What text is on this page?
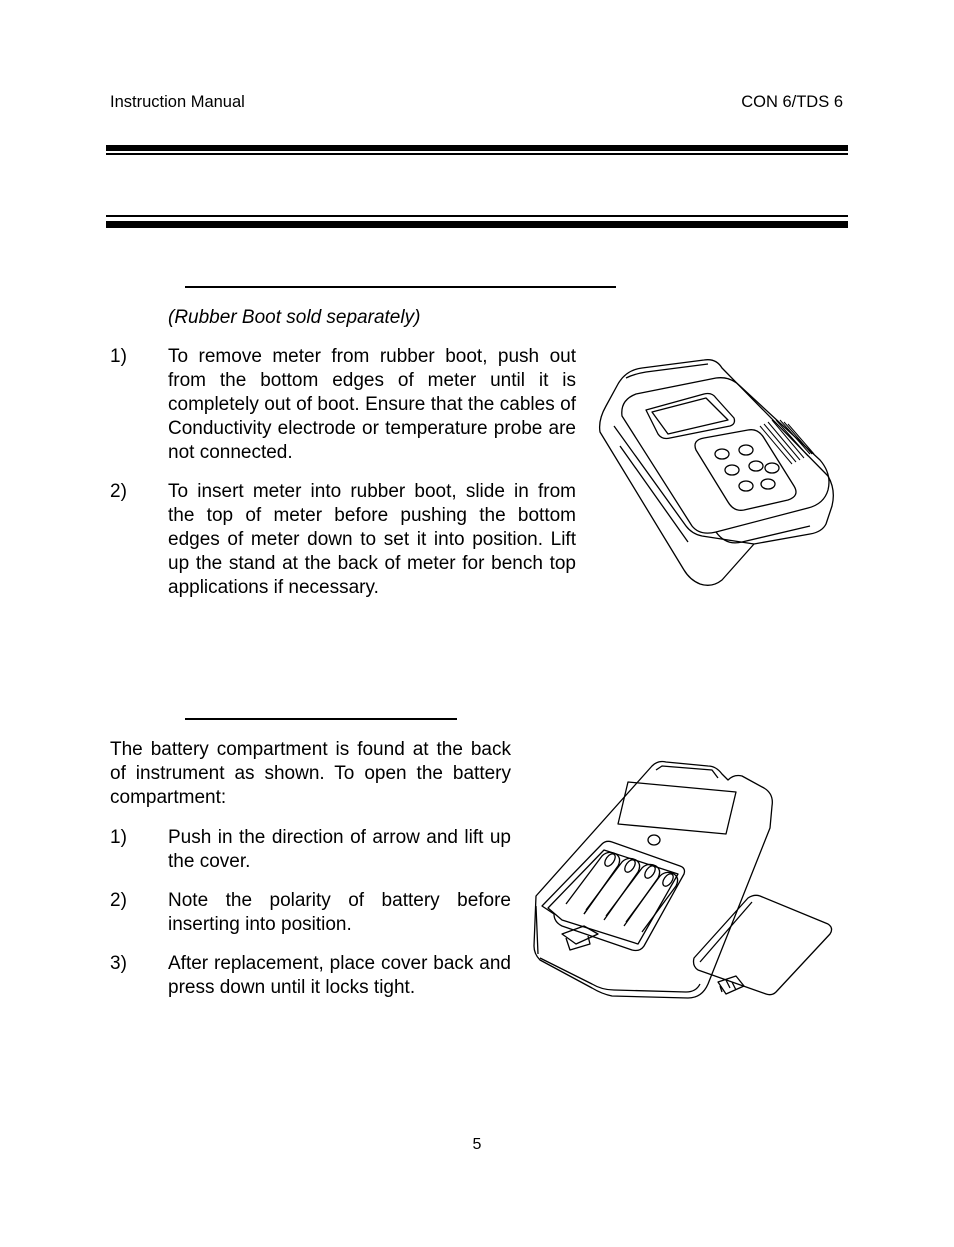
Instruction Manual	CON 6/TDS 6
(Rubber Boot sold separately)
1) To remove meter from rubber boot, push out from the bottom edges of meter until it is completely out of boot. Ensure that the cables of Conductivity electrode or temperature probe are not connected.
2) To insert meter into rubber boot, slide in from the top of meter before pushing the bottom edges of meter down to set it into position. Lift up the stand at the back of meter for bench top applications if necessary.
The battery compartment is found at the back of instrument as shown. To open the battery compartment:
1) Push in the direction of arrow and lift up the cover.
2) Note the polarity of battery before inserting into position.
3) After replacement, place cover back and press down until it locks tight.
5
